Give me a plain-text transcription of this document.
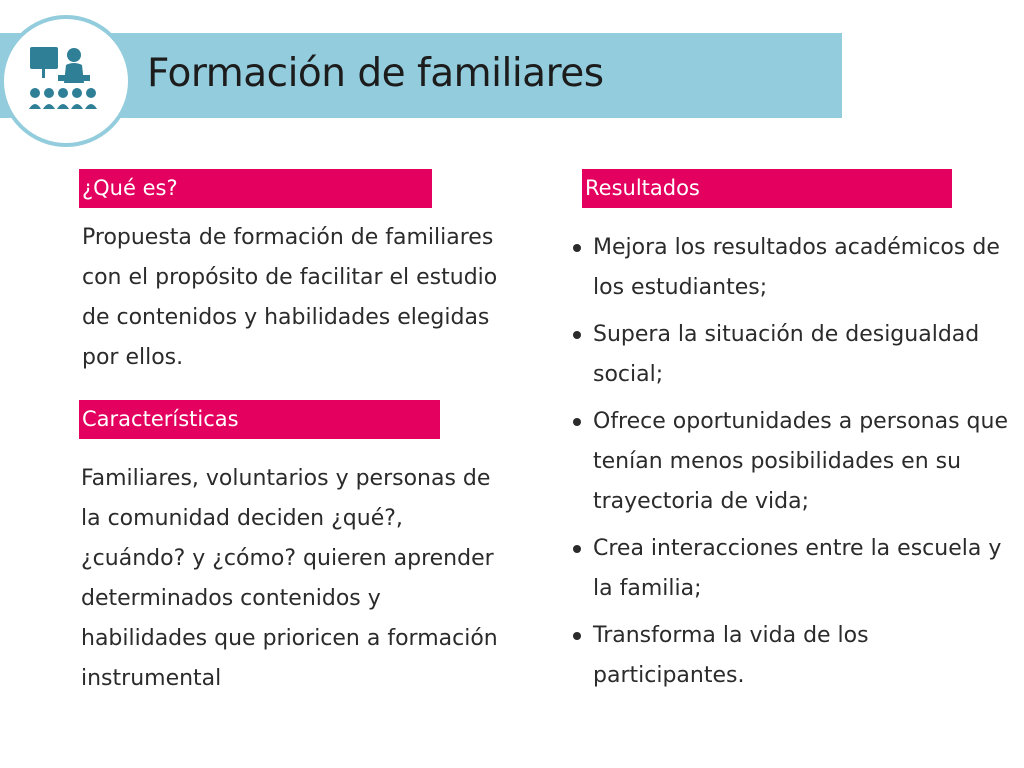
Formación de familiares
¿Qué es?
Propuesta de formación de familiares con el propósito de facilitar el estudio de contenidos y habilidades elegidas por ellos.
Características
Familiares, voluntarios y personas de la comunidad deciden ¿qué?, ¿cuándo? y ¿cómo? quieren aprender determinados contenidos y habilidades que prioricen a formación instrumental
Resultados
Mejora los resultados académicos de los estudiantes;
Supera la situación de desigualdad social;
Ofrece oportunidades a personas que tenían menos posibilidades en su trayectoria de vida;
Crea interacciones entre la escuela y la familia;
Transforma la vida de los participantes.
